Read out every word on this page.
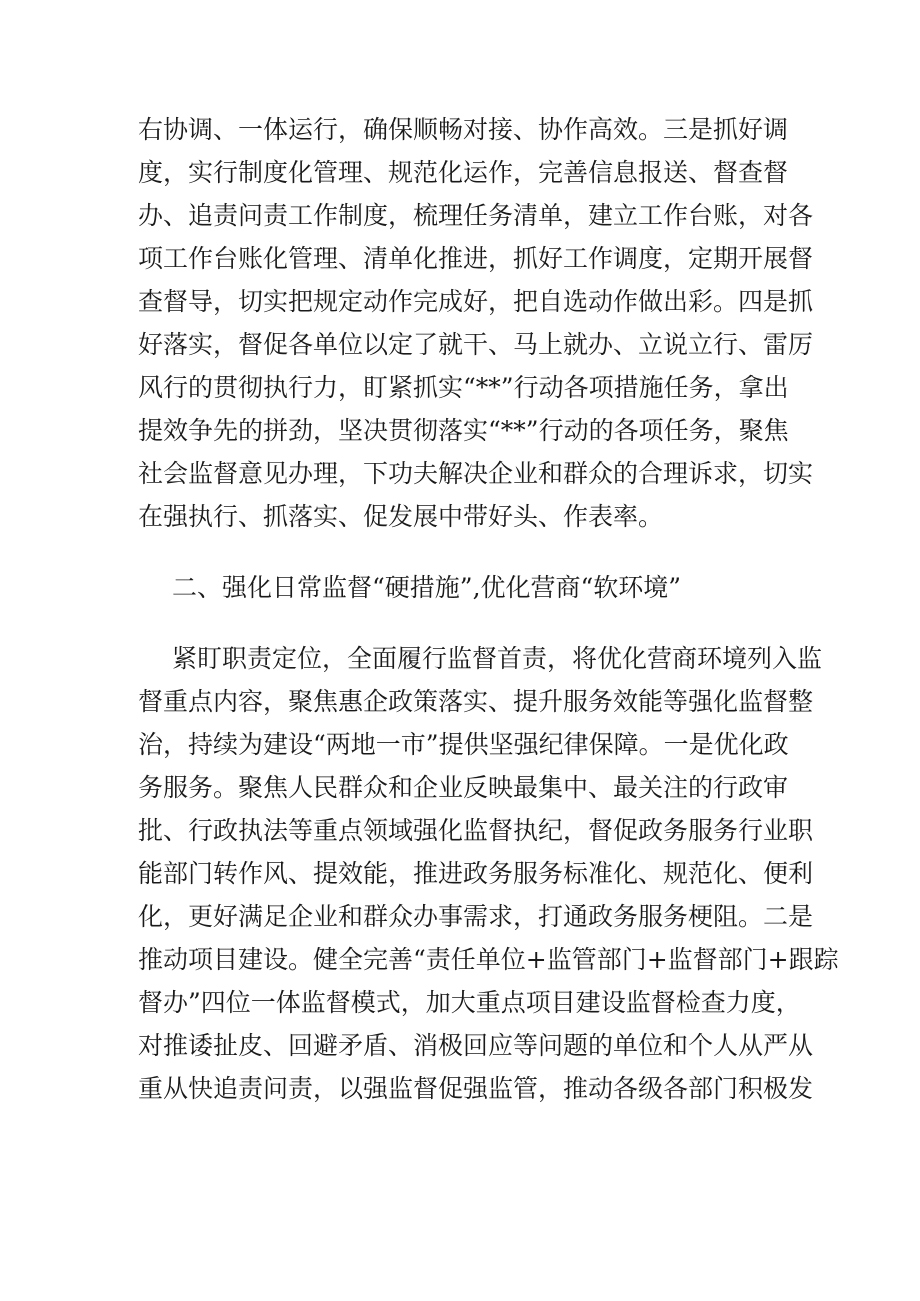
右协调、一体运行，确保顺畅对接、协作高效。三是抓好调
度，实行制度化管理、规范化运作，完善信息报送、督查督
办、追责问责工作制度，梳理任务清单，建立工作台账，对各
项工作台账化管理、清单化推进，抓好工作调度，定期开展督
查督导，切实把规定动作完成好，把自选动作做出彩。四是抓
好落实，督促各单位以定了就干、马上就办、立说立行、雷厉
风行的贯彻执行力，盯紧抓实“**”行动各项措施任务，拿出
提效争先的拼劲，坚决贯彻落实“**”行动的各项任务，聚焦
社会监督意见办理，下功夫解决企业和群众的合理诉求，切实
在强执行、抓落实、促发展中带好头、作表率。
二、强化日常监督“硬措施”,优化营商“软环境”
紧盯职责定位，全面履行监督首责，将优化营商环境列入监
督重点内容，聚焦惠企政策落实、提升服务效能等强化监督整
治，持续为建设“两地一市”提供坚强纪律保障。一是优化政
务服务。聚焦人民群众和企业反映最集中、最关注的行政审
批、行政执法等重点领域强化监督执纪，督促政务服务行业职
能部门转作风、提效能，推进政务服务标准化、规范化、便利
化，更好满足企业和群众办事需求，打通政务服务梗阻。二是
推动项目建设。健全完善“责任单位+监管部门+监督部门+跟踪
督办”四位一体监督模式，加大重点项目建设监督检查力度，
对推诿扯皮、回避矛盾、消极回应等问题的单位和个人从严从
重从快追责问责，以强监督促强监管，推动各级各部门积极发
